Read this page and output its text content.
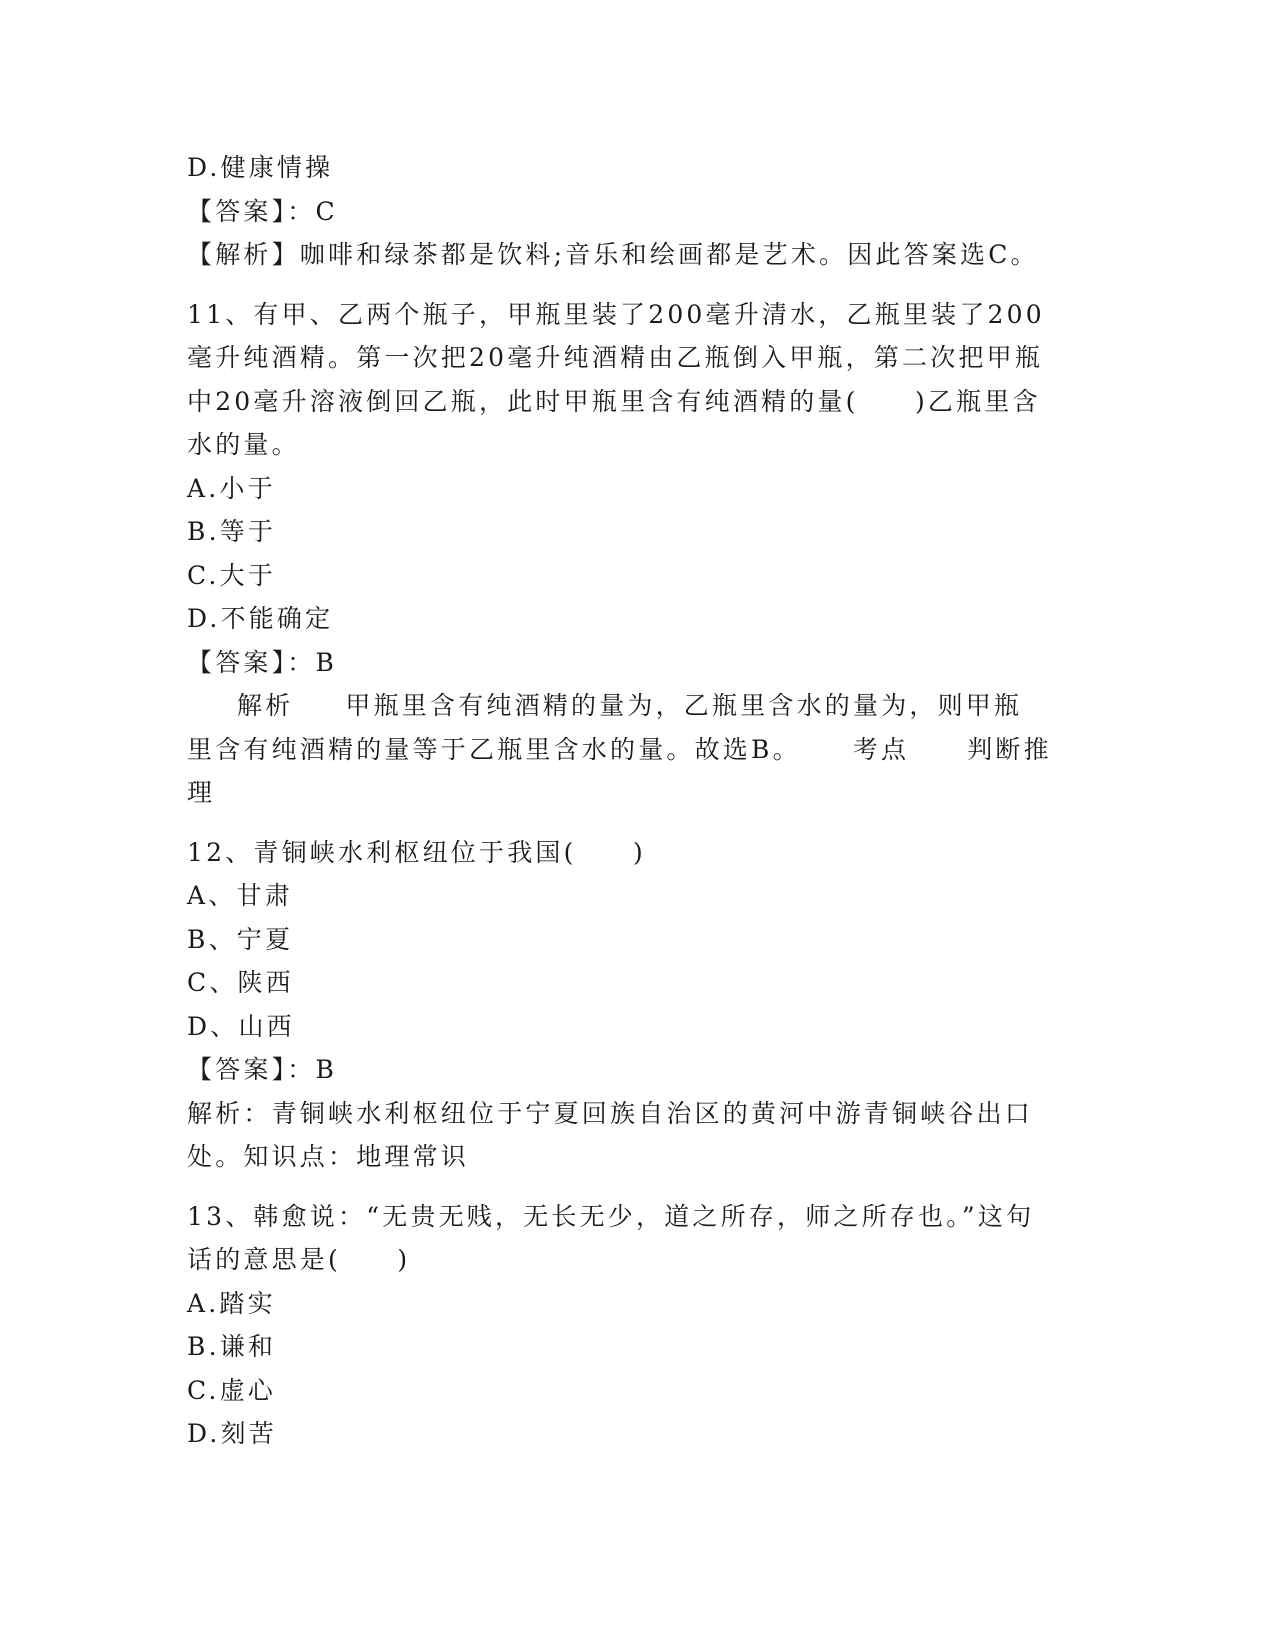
D.健康情操
【答案】：C
【解析】咖啡和绿茶都是饮料;音乐和绘画都是艺术。因此答案选C。
11、有甲、乙两个瓶子，甲瓶里装了200毫升清水，乙瓶里装了200
毫升纯酒精。第一次把20毫升纯酒精由乙瓶倒入甲瓶，第二次把甲瓶
中20毫升溶液倒回乙瓶，此时甲瓶里含有纯酒精的量(　　)乙瓶里含
水的量。
A.小于
B.等于
C.大于
D.不能确定
【答案】：B
解析 甲瓶里含有纯酒精的量为，乙瓶里含水的量为，则甲瓶
里含有纯酒精的量等于乙瓶里含水的量。故选B。 考点 判断推
理
12、青铜峡水利枢纽位于我国(　　)
A、甘肃
B、宁夏
C、陕西
D、山西
【答案】：B
解析：青铜峡水利枢纽位于宁夏回族自治区的黄河中游青铜峡谷出口
处。知识点：地理常识
13、韩愈说：“无贵无贱，无长无少，道之所存，师之所存也。”这句
话的意思是(　　)
A.踏实
B.谦和
C.虚心
D.刻苦
